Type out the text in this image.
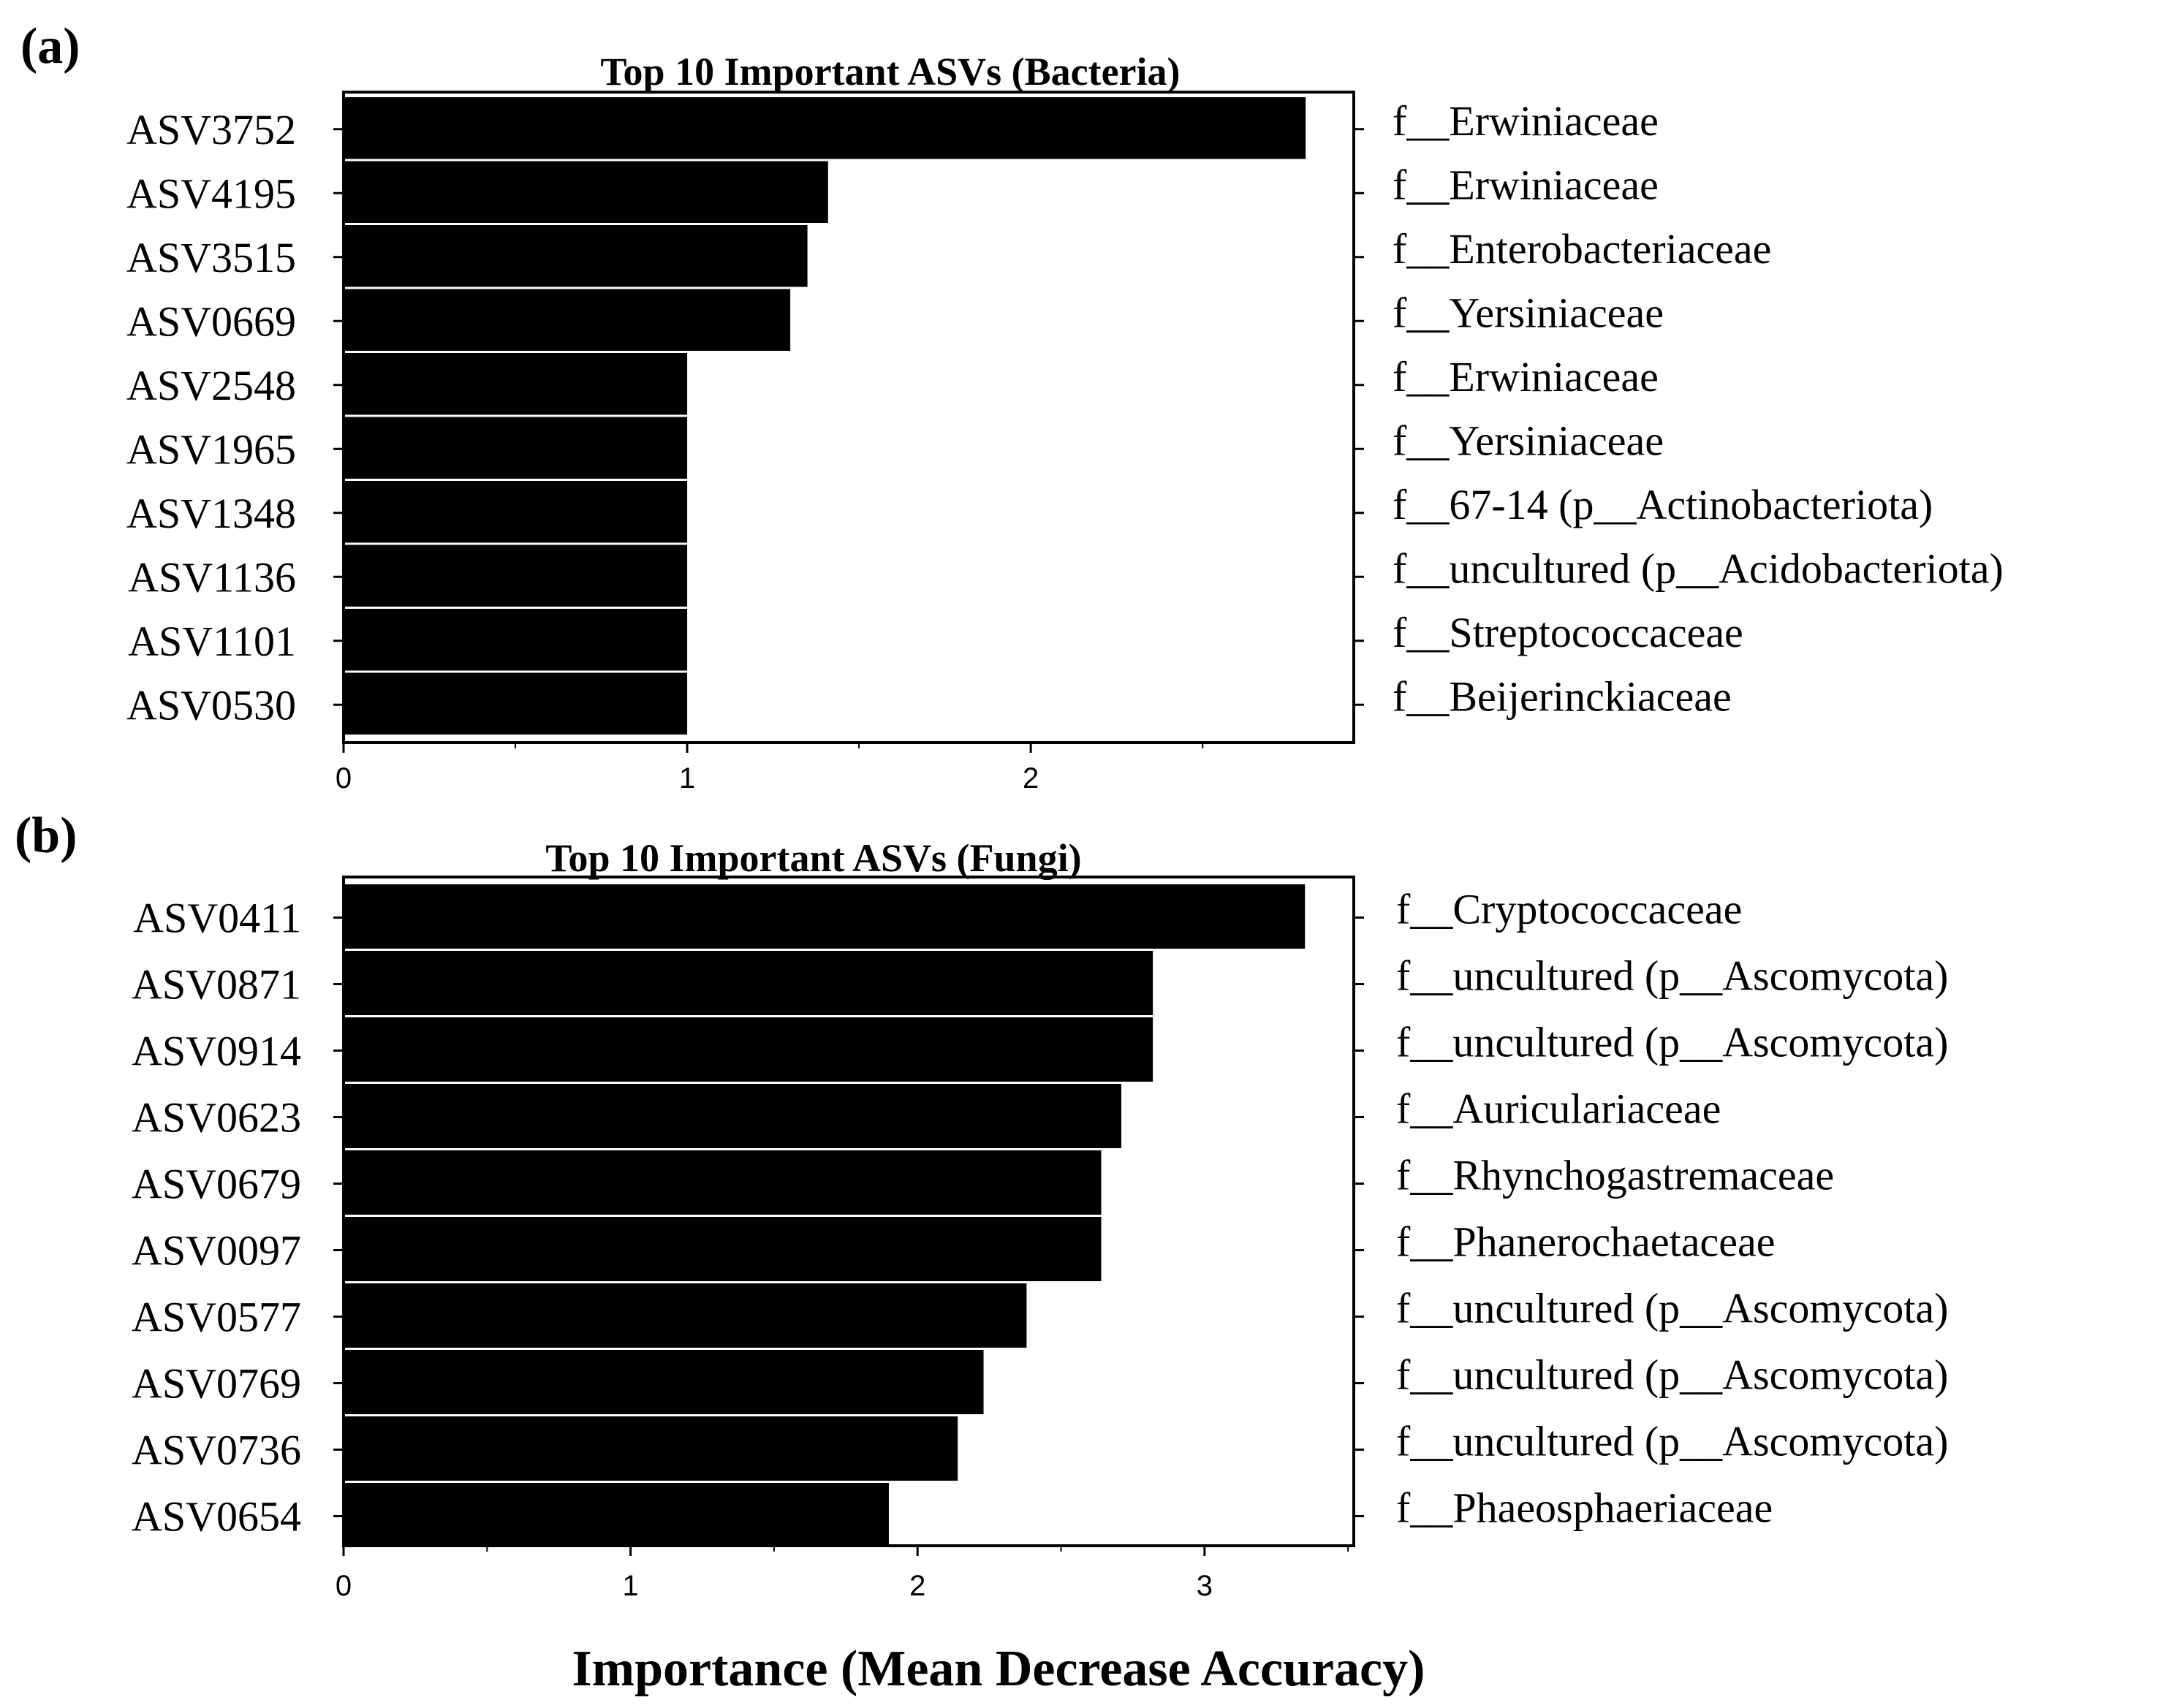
(a)	Top 10 Important ASVs (Bacteria)
ASV3752	f__Erwiniaceae
ASV4195	f__Erwiniaceae
ASV3515	f__Enterobacteriaceae
ASV0669	f__Yersiniaceae
ASV2548	f__Erwiniaceae
ASV1965	f__Yersiniaceae
ASV1348	f__67-14 (p__Actinobacteriota)
ASV1136	f__uncultured (p__Acidobacteriota)
ASV1101	f__Streptococcaceae
ASV0530	f__Beijerinckiaceae
0	1	2
(b)	Top 10 Important ASVs (Fungi)
ASV0411	f__Cryptococcaceae
ASV0871	f__uncultured (p__Ascomycota)
ASV0914	f__uncultured (p__Ascomycota)
ASV0623	f__Auriculariaceae
ASV0679	f__Rhynchogastremaceae
ASV0097	f__Phanerochaetaceae
ASV0577	f__uncultured (p__Ascomycota)
ASV0769	f__uncultured (p__Ascomycota)
ASV0736	f__uncultured (p__Ascomycota)
ASV0654	f__Phaeosphaeriaceae
0	1	2	3
Importance (Mean Decrease Accuracy)
